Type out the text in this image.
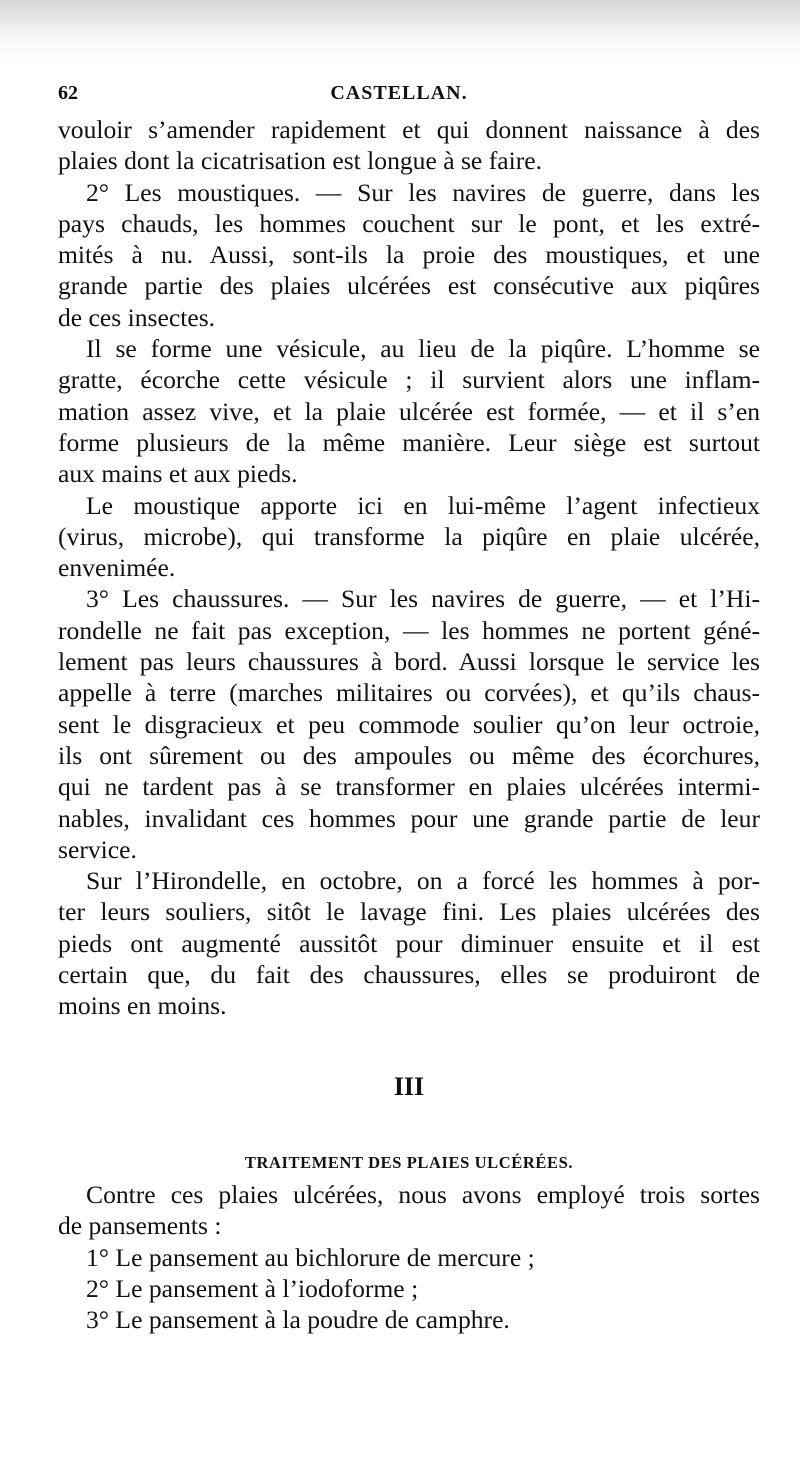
62	CASTELLAN.
vouloir s’amender rapidement et qui donnent naissance à des
plaies dont la cicatrisation est longue à se faire.
2° Les moustiques. — Sur les navires de guerre, dans les
pays chauds, les hommes couchent sur le pont, et les extré-
mités à nu. Aussi, sont-ils la proie des moustiques, et une
grande partie des plaies ulcérées est consécutive aux piqûres
de ces insectes.
Il se forme une vésicule, au lieu de la piqûre. L’homme se
gratte, écorche cette vésicule ; il survient alors une inflam-
mation assez vive, et la plaie ulcérée est formée, — et il s’en
forme plusieurs de la même manière. Leur siège est surtout
aux mains et aux pieds.
Le moustique apporte ici en lui-même l’agent infectieux
(virus, microbe), qui transforme la piqûre en plaie ulcérée,
envenimée.
3° Les chaussures. — Sur les navires de guerre, — et l’Hi-
rondelle ne fait pas exception, — les hommes ne portent géné-
lement pas leurs chaussures à bord. Aussi lorsque le service les
appelle à terre (marches militaires ou corvées), et qu’ils chaus-
sent le disgracieux et peu commode soulier qu’on leur octroie,
ils ont sûrement ou des ampoules ou même des écorchures,
qui ne tardent pas à se transformer en plaies ulcérées intermi-
nables, invalidant ces hommes pour une grande partie de leur
service.
Sur l’Hirondelle, en octobre, on a forcé les hommes à por-
ter leurs souliers, sitôt le lavage fini. Les plaies ulcérées des
pieds ont augmenté aussitôt pour diminuer ensuite et il est
certain que, du fait des chaussures, elles se produiront de
moins en moins.
III
TRAITEMENT DES PLAIES ULCÉRÉES.
Contre ces plaies ulcérées, nous avons employé trois sortes
de pansements :
1° Le pansement au bichlorure de mercure ;
2° Le pansement à l’iodoforme ;
3° Le pansement à la poudre de camphre.
